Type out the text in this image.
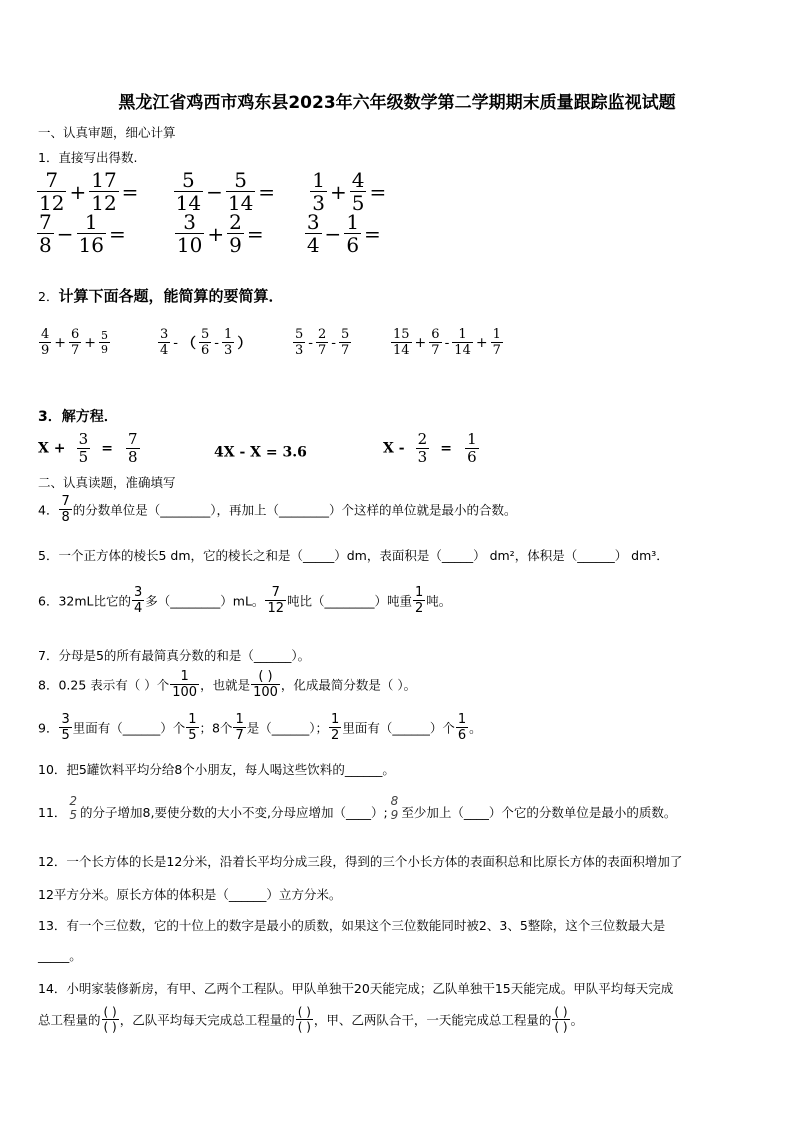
黑龙江省鸡西市鸡东县2023年六年级数学第二学期期末质量跟踪监视试题
一、认真审题，细心计算
1．直接写出得数.
$\frac{7}{12} + \frac{17}{12} = \frac{5}{14} - \frac{5}{14} = \frac{1}{3} + \frac{4}{5}$ =
$\frac{7}{8} - \frac{1}{16} = \frac{3}{10} + \frac{2}{9} = \frac{3}{4} - \frac{1}{6}$ =
2．计算下面各题，能简算的要简算．
$\frac{4}{9} + \frac{6}{7} + \frac{5}{9}$	$\frac{3}{4}$ - （ $\frac{5}{6} - \frac{1}{3}$ ）	$\frac{5}{3} - \frac{2}{7} - \frac{5}{7}$	$\frac{15}{14} + \frac{6}{7} - \frac{1}{14} + \frac{1}{7}$
3．解方程．
$X + \frac{3}{5} = \frac{7}{8}$	4X - X = 3.6	$X - \frac{2}{3} = \frac{1}{6}$
二、认真读题，准确填写
4． $\frac{7}{8}$ 的分数单位是（________），再加上（________）个这样的单位就是最小的合数。
5．一个正方体的棱长5 dm，它的棱长之和是（_____）dm，表面积是（_____） dm²，体积是（______） dm³．
6．32mL比它的 $\frac{3}{4}$ 多（________）mL。 $\frac{7}{12}$ 吨比（________）吨重 $\frac{1}{2}$ 吨。
7．分母是5的所有最简真分数的和是（______）。
8．0.25 表示有（ ）个 $\frac{1}{100}$ ，也就是 $\frac{( )}{100}$ ，化成最简分数是（ ）。
9． $\frac{3}{5}$ 里面有（______）个 $\frac{1}{5}$ ；8个 $\frac{1}{7}$ 是（______）； $\frac{1}{2}$ 里面有（______）个 $\frac{1}{6}$ 。
10．把5罐饮料平均分给8个小朋友，每人喝这些饮料的______。
11．
2
5 的分子增加8,要使分数的大小不变,分母应增加（____）;
8
9 至少加上（____）个它的分数单位是最小的质数。
12．一个长方体的长是12分米，沿着长平均分成三段，得到的三个小长方体的表面积总和比原长方体的表面积增加了
12平方分米。原长方体的体积是（______）立方分米。
13．有一个三位数，它的十位上的数字是最小的质数，如果这个三位数能同时被2、3、5整除，这个三位数最大是
_____。
14．小明家装修新房，有甲、乙两个工程队。甲队单独干20天能完成；乙队单独干15天能完成。甲队平均每天完成
总工程量的 $\frac{( )}{( )}$ ，乙队平均每天完成总工程量的 $\frac{( )}{( )}$ ，甲、乙两队合干，一天能完成总工程量的 $\frac{( )}{( )}$ 。
